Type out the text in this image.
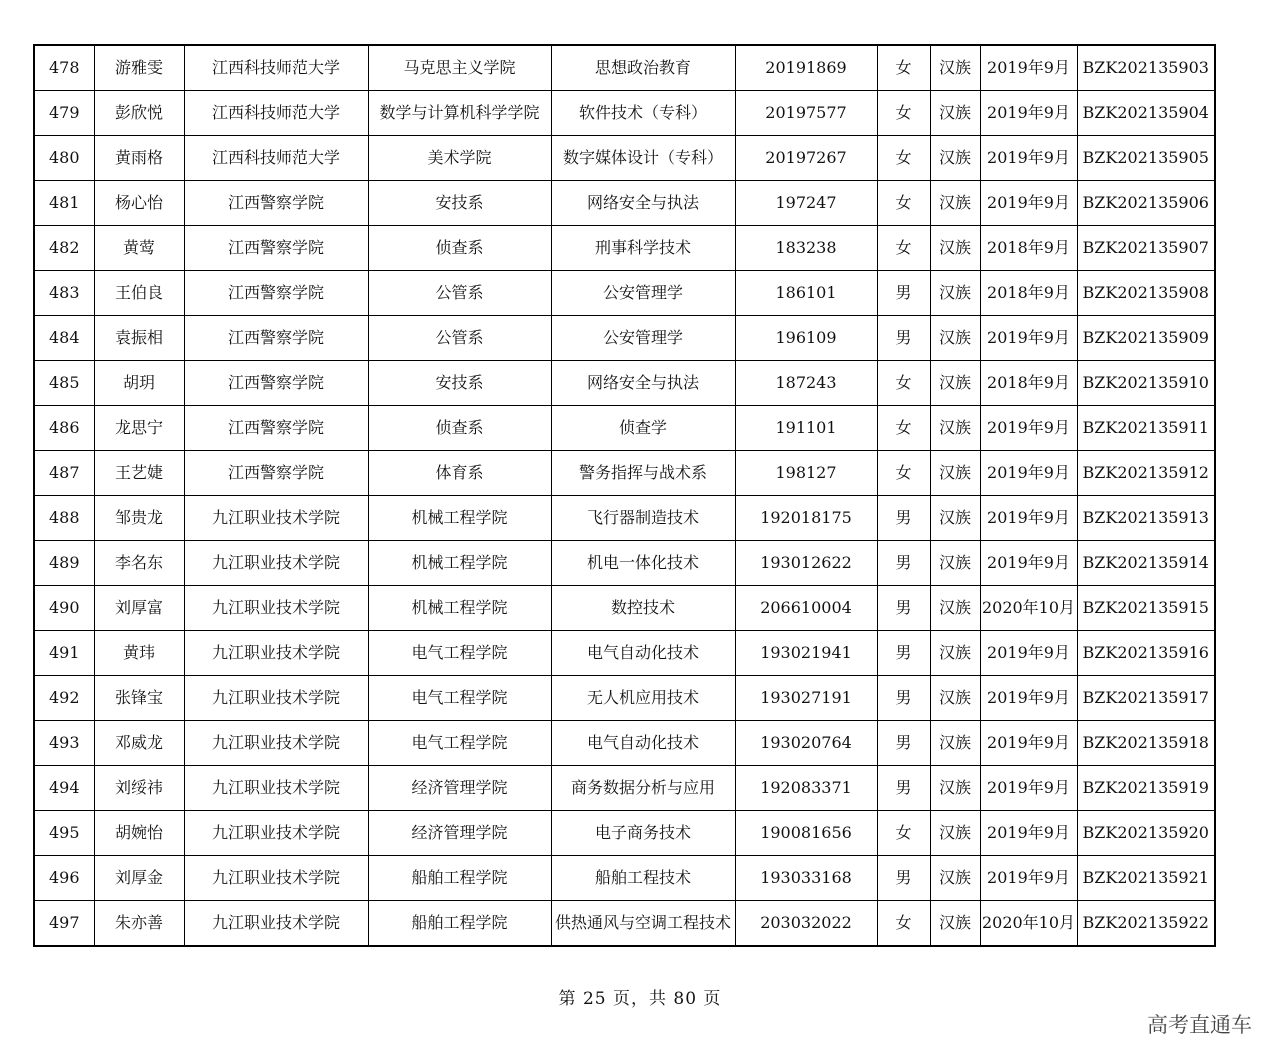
478	游雅雯	江西科技师范大学	马克思主义学院	思想政治教育	20191869	女	汉族	2019年9月	BZK202135903
479	彭欣悦	江西科技师范大学	数学与计算机科学学院	软件技术（专科）	20197577	女	汉族	2019年9月	BZK202135904
480	黄雨格	江西科技师范大学	美术学院	数字媒体设计（专科）	20197267	女	汉族	2019年9月	BZK202135905
481	杨心怡	江西警察学院	安技系	网络安全与执法	197247	女	汉族	2019年9月	BZK202135906
482	黄莺	江西警察学院	侦查系	刑事科学技术	183238	女	汉族	2018年9月	BZK202135907
483	王伯良	江西警察学院	公管系	公安管理学	186101	男	汉族	2018年9月	BZK202135908
484	袁振相	江西警察学院	公管系	公安管理学	196109	男	汉族	2019年9月	BZK202135909
485	胡玥	江西警察学院	安技系	网络安全与执法	187243	女	汉族	2018年9月	BZK202135910
486	龙思宁	江西警察学院	侦查系	侦查学	191101	女	汉族	2019年9月	BZK202135911
487	王艺婕	江西警察学院	体育系	警务指挥与战术系	198127	女	汉族	2019年9月	BZK202135912
488	邹贵龙	九江职业技术学院	机械工程学院	飞行器制造技术	192018175	男	汉族	2019年9月	BZK202135913
489	李名东	九江职业技术学院	机械工程学院	机电一体化技术	193012622	男	汉族	2019年9月	BZK202135914
490	刘厚富	九江职业技术学院	机械工程学院	数控技术	206610004	男	汉族	2020年10月	BZK202135915
491	黄玮	九江职业技术学院	电气工程学院	电气自动化技术	193021941	男	汉族	2019年9月	BZK202135916
492	张锋宝	九江职业技术学院	电气工程学院	无人机应用技术	193027191	男	汉族	2019年9月	BZK202135917
493	邓威龙	九江职业技术学院	电气工程学院	电气自动化技术	193020764	男	汉族	2019年9月	BZK202135918
494	刘绥祎	九江职业技术学院	经济管理学院	商务数据分析与应用	192083371	男	汉族	2019年9月	BZK202135919
495	胡婉怡	九江职业技术学院	经济管理学院	电子商务技术	190081656	女	汉族	2019年9月	BZK202135920
496	刘厚金	九江职业技术学院	船舶工程学院	船舶工程技术	193033168	男	汉族	2019年9月	BZK202135921
497	朱亦善	九江职业技术学院	船舶工程学院	供热通风与空调工程技术	203032022	女	汉族	2020年10月	BZK202135922
第 25 页，共 80 页
高考直通车
